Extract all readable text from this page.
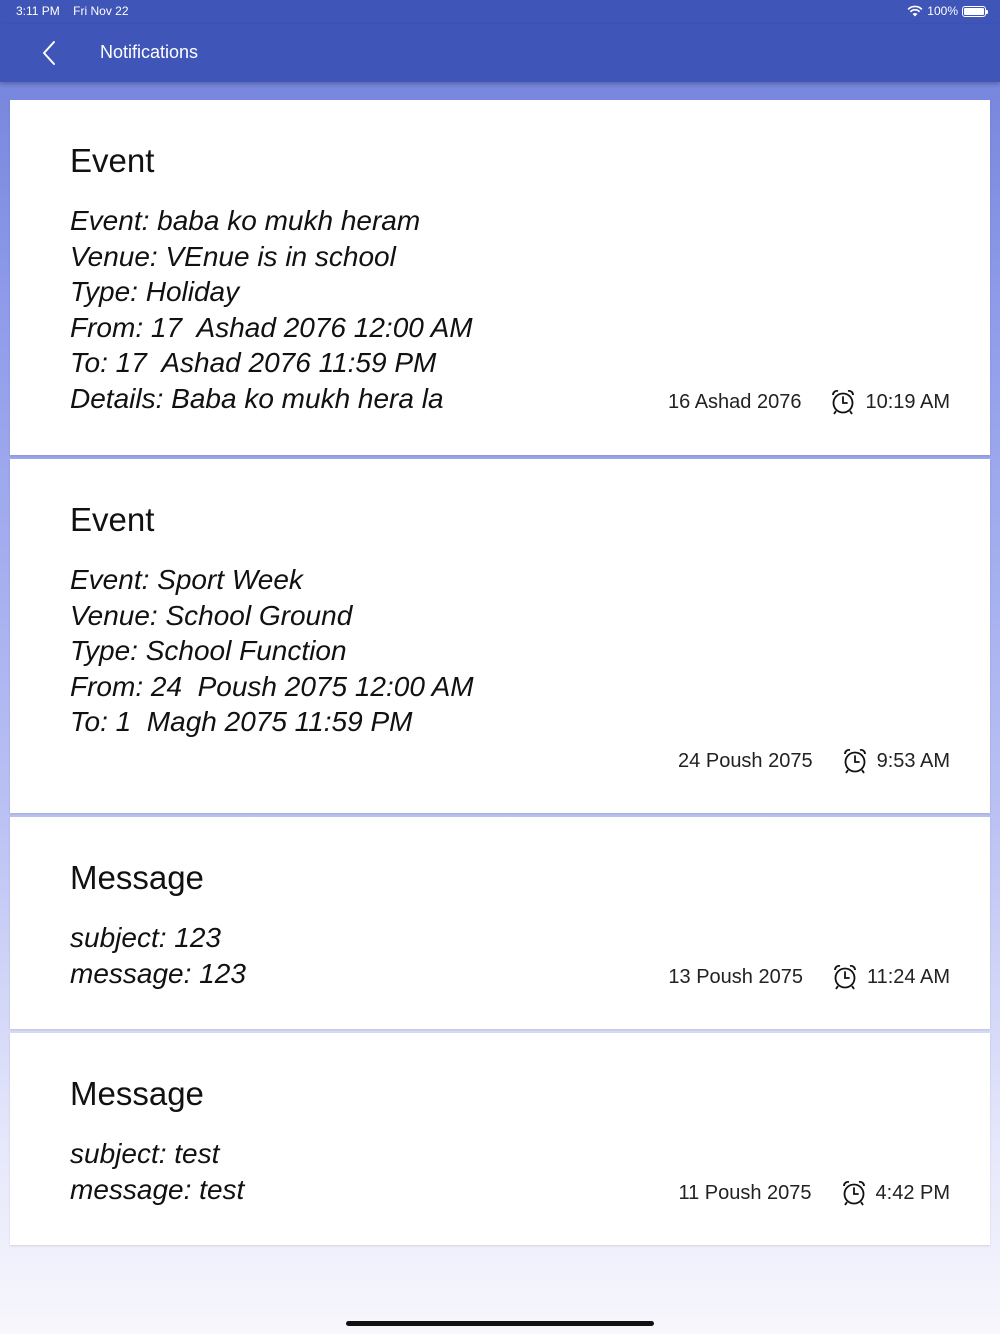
3:11 PM Fri Nov 22	100%
Notifications
Event
Event: baba ko mukh heram
Venue: VEnue is in school
Type: Holiday
From: 17  Ashad 2076 12:00 AM
To: 17  Ashad 2076 11:59 PM
Details: Baba ko mukh hera la	16 Ashad 2076	10:19 AM
Event
Event: Sport Week
Venue: School Ground
Type: School Function
From: 24  Poush 2075 12:00 AM
To: 1  Magh 2075 11:59 PM
24 Poush 2075	9:53 AM
Message
subject: 123
message: 123	13 Poush 2075	11:24 AM
Message
subject: test
message: test	11 Poush 2075	4:42 PM
